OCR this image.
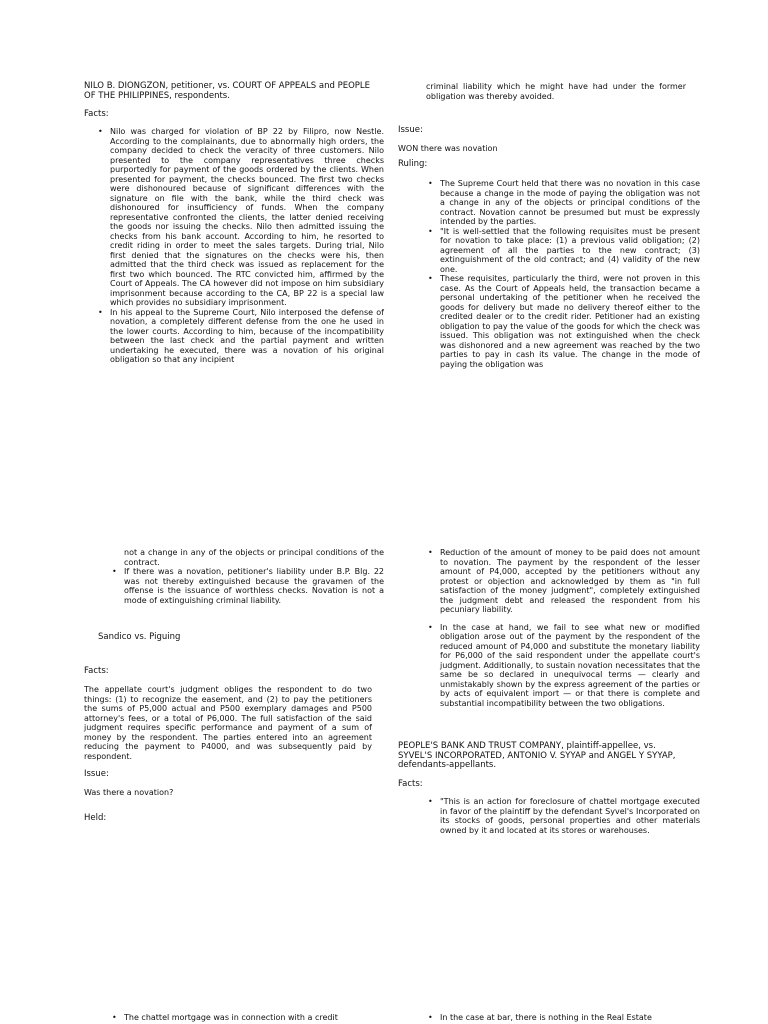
NILO B. DIONGZON, petitioner, vs. COURT OF APPEALS and PEOPLE OF THE PHILIPPINES, respondents.

Facts:
• Nilo was charged for violation of BP 22 by Filipro, now Nestle. According to the complainants, due to abnormally high orders, the company decided to check the veracity of three customers. Nilo presented to the company representatives three checks purportedly for payment of the goods ordered by the clients. When presented for payment, the checks bounced. The first two checks were dishonoured because of significant differences with the signature on file with the bank, while the third check was dishonoured for insufficiency of funds. When the company representative confronted the clients, the latter denied receiving the goods nor issuing the checks. Nilo then admitted issuing the checks from his bank account. According to him, he resorted to credit riding in order to meet the sales targets. During trial, Nilo first denied that the signatures on the checks were his, then admitted that the third check was issued as replacement for the first two which bounced. The RTC convicted him, affirmed by the Court of Appeals. The CA however did not impose on him subsidiary imprisonment because according to the CA, BP 22 is a special law which provides no subsidiary imprisonment.
• In his appeal to the Supreme Court, Nilo interposed the defense of novation, a completely different defense from the one he used in the lower courts. According to him, because of the incompatibility between the last check and the partial payment and written undertaking he executed, there was a novation of his original obligation so that any incipient
criminal liability which he might have had under the former obligation was thereby avoided.
Issue:
WON there was novation
Ruling:
• The Supreme Court held that there was no novation in this case because a change in the mode of paying the obligation was not a change in any of the objects or principal conditions of the contract. Novation cannot be presumed but must be expressly intended by the parties.
• "It is well-settled that the following requisites must be present for novation to take place: (1) a previous valid obligation; (2) agreement of all the parties to the new contract; (3) extinguishment of the old contract; and (4) validity of the new one.
• These requisites, particularly the third, were not proven in this case. As the Court of Appeals held, the transaction became a personal undertaking of the petitioner when he received the goods for delivery but made no delivery thereof either to the credited dealer or to the credit rider. Petitioner had an existing obligation to pay the value of the goods for which the check was issued. This obligation was not extinguished when the check was dishonored and a new agreement was reached by the two parties to pay in cash its value. The change in the mode of paying the obligation was
not a change in any of the objects or principal conditions of the contract.
• If there was a novation, petitioner's liability under B.P. Blg. 22 was not thereby extinguished because the gravamen of the offense is the issuance of worthless checks. Novation is not a mode of extinguishing criminal liability.
Sandico vs. Piguing
Facts:
The appellate court's judgment obliges the respondent to do two things: (1) to recognize the easement, and (2) to pay the petitioners the sums of P5,000 actual and P500 exemplary damages and P500 attorney's fees, or a total of P6,000. The full satisfaction of the said judgment requires specific performance and payment of a sum of money by the respondent. The parties entered into an agreement reducing the payment to P4000, and was subsequently paid by respondent.
Issue:
Was there a novation?
Held:
• Reduction of the amount of money to be paid does not amount to novation. The payment by the respondent of the lesser amount of P4,000, accepted by the petitioners without any protest or objection and acknowledged by them as "in full satisfaction of the money judgment", completely extinguished the judgment debt and released the respondent from his pecuniary liability.
• In the case at hand, we fail to see what new or modified obligation arose out of the payment by the respondent of the reduced amount of P4,000 and substitute the monetary liability for P6,000 of the said respondent under the appellate court's judgment. Additionally, to sustain novation necessitates that the same be so declared in unequivocal terms — clearly and unmistakably shown by the express agreement of the parties or by acts of equivalent import — or that there is complete and substantial incompatibility between the two obligations.
PEOPLE'S BANK AND TRUST COMPANY, plaintiff-appellee, vs. SYVEL'S INCORPORATED, ANTONIO V. SYYAP and ANGEL Y SYYAP, defendants-appellants.
Facts:
• "This is an action for foreclosure of chattel mortgage executed in favor of the plaintiff by the defendant Syvel's Incorporated on its stocks of goods, personal properties and other materials owned by it and located at its stores or warehouses.
• The chattel mortgage was in connection with a credit
•	In the case at bar, there is nothing in the Real Estate
